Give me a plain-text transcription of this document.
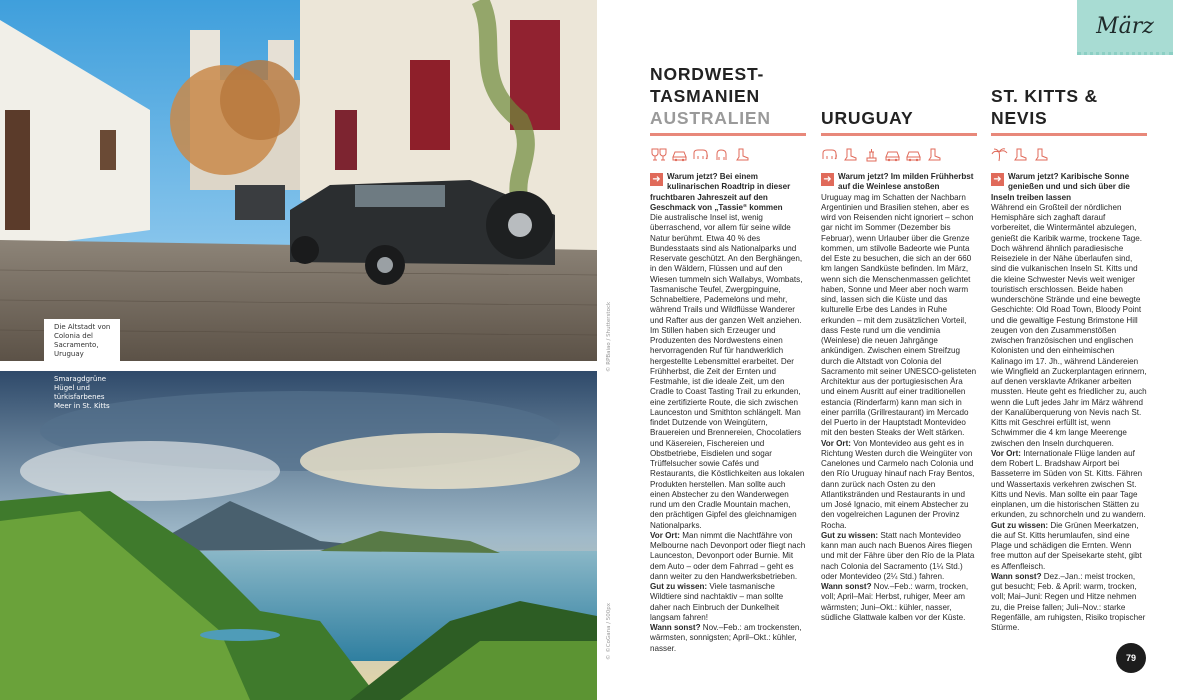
Die Altstadt von Colonia del Sacramento, Uruguay
Smaragdgrüne Hügel und türkisfarbenes Meer in St. Kitts
© RPBaiao / Shutterstock
© ©CoGana / 500px
März
NORDWEST-TASMANIEN
AUSTRALIEN

➜ Warum jetzt? Bei einem kulinarischen Roadtrip in dieser fruchtbaren Jahreszeit auf den Geschmack von „Tassie“ kommen

Die australische Insel ist, wenig überraschend, vor allem für seine wilde Natur berühmt. Etwa 40 % des Bundesstaats sind als Nationalparks und Reservate geschützt. An den Berghängen, in den Wäldern, Flüssen und auf den Wiesen tummeln sich Wallabys, Wombats, Tasmanische Teufel, Zwergpinguine, Schnabeltiere, Pademelons und mehr, während Trails und Wildflüsse Wanderer und Rafter aus der ganzen Welt anziehen. Im Stillen haben sich Erzeuger und Produzenten des Nordwestens einen hervorragenden Ruf für handwerklich hergestellte Lebensmittel erarbeitet. Der Frühherbst, die Zeit der Ernten und Festmahle, ist die ideale Zeit, um den Cradle to Coast Tasting Trail zu erkunden, eine zertifizierte Route, die sich zwischen Launceston und Smithton schlängelt. Man findet Dutzende von Weingütern, Brauereien und Brennereien, Chocolatiers und Käsereien, Fischereien und Obstbetriebe, Eisdielen und sogar Trüffelsucher sowie Cafés und Restaurants, die Köstlichkeiten aus lokalen Produkten herstellen. Man sollte auch einen Abstecher zu den Wanderwegen rund um den Cradle Mountain machen, den prächtigen Gipfel des gleichnamigen Nationalparks.

Vor Ort: Man nimmt die Nachtfähre von Melbourne nach Devonport oder fliegt nach Launceston, Devonport oder Burnie. Mit dem Auto – oder dem Fahrrad – geht es dann weiter zu den Handwerksbetrieben.

Gut zu wissen: Viele tasmanische Wildtiere sind nachtaktiv – man sollte daher nach Einbruch der Dunkelheit langsam fahren!

Wann sonst? Nov.–Feb.: am trockensten, wärmsten, sonnigsten; April–Okt.: kühler, nasser.

URUGUAY

➜ Warum jetzt? Im milden Frühherbst auf die Weinlese anstoßen

Uruguay mag im Schatten der Nachbarn Argentinien und Brasilien stehen, aber es wird von Reisenden nicht ignoriert – schon gar nicht im Sommer (Dezember bis Februar), wenn Urlauber über die Grenze kommen, um stilvolle Badeorte wie Punta del Este zu besuchen, die sich an der 660 km langen Sandküste befinden. Im März, wenn sich die Menschenmassen gelichtet haben, Sonne und Meer aber noch warm sind, lassen sich die Küste und das kulturelle Erbe des Landes in Ruhe erkunden – mit dem zusätzlichen Vorteil, dass Feste rund um die vendimia (Weinlese) die neuen Jahrgänge ankündigen. Zwischen einem Streifzug durch die Altstadt von Colonia del Sacramento mit seiner UNESCO-gelisteten Architektur aus der portugiesischen Ära und einem Ausritt auf einer traditionellen estancia (Rinderfarm) kann man sich in einer parrilla (Grillrestaurant) im Mercado del Puerto in der Hauptstadt Montevideo mit den besten Steaks der Welt stärken.

Vor Ort: Von Montevideo aus geht es in Richtung Westen durch die Weingüter von Canelones und Carmelo nach Colonia und den Río Uruguay hinauf nach Fray Bentos, dann zurück nach Osten zu den Atlantikstränden und Restaurants in und um José Ignacio, mit einem Abstecher zu den vogelreichen Lagunen der Provinz Rocha.

Gut zu wissen: Statt nach Montevideo kann man auch nach Buenos Aires fliegen und mit der Fähre über den Río de la Plata nach Colonia del Sacramento (1¼ Std.) oder Montevideo (2¼ Std.) fahren.

Wann sonst? Nov.–Feb.: warm, trocken, voll; April–Mai: Herbst, ruhiger, Meer am wärmsten; Juni–Okt.: kühler, nasser, südliche Glattwale kalben vor der Küste.

ST. KITTS & NEVIS

➜ Warum jetzt? Karibische Sonne genießen und und sich über die Inseln treiben lassen

Während ein Großteil der nördlichen Hemisphäre sich zaghaft darauf vorbereitet, die Wintermäntel abzulegen, genießt die Karibik warme, trockene Tage. Doch während ähnlich paradiesische Reiseziele in der Nähe überlaufen sind, sind die vulkanischen Inseln St. Kitts und die kleine Schwester Nevis weit weniger touristisch erschlossen. Beide haben wunderschöne Strände und eine bewegte Geschichte: Old Road Town, Bloody Point und die gewaltige Festung Brimstone Hill zeugen von den Zusammenstößen zwischen französischen und englischen Kolonisten und den einheimischen Kalinago im 17. Jh., während Ländereien wie Wingfield an Zuckerplantagen erinnern, auf denen versklavte Afrikaner arbeiten mussten. Heute geht es friedlicher zu, auch wenn die Luft jedes Jahr im März während der Kanalüberquerung von Nevis nach St. Kitts mit Geschrei erfüllt ist, wenn Schwimmer die 4 km lange Meerenge zwischen den Inseln durchqueren.

Vor Ort: Internationale Flüge landen auf dem Robert L. Bradshaw Airport bei Basseterre im Süden von St. Kitts. Fähren und Wassertaxis verkehren zwischen St. Kitts und Nevis. Man sollte ein paar Tage einplanen, um die historischen Stätten zu erkunden, zu schnorcheln und zu wandern.

Gut zu wissen: Die Grünen Meerkatzen, die auf St. Kitts herumlaufen, sind eine Plage und schädigen die Ernten. Wenn free mutton auf der Speisekarte steht, gibt es Affenfleisch.

Wann sonst? Dez.–Jan.: meist trocken, gut besucht; Feb. & April: warm, trocken, voll; Mai–Juni: Regen und Hitze nehmen zu, die Preise fallen; Juli–Nov.: starke Regenfälle, am ruhigsten, Risiko tropischer Stürme.

79
